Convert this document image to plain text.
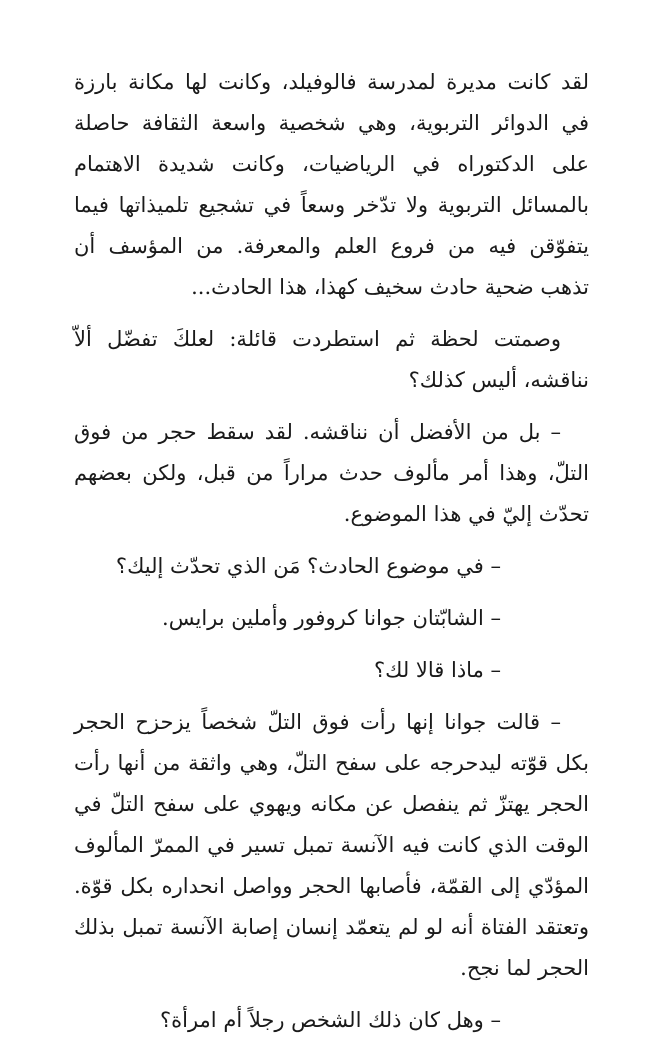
لقد كانت مديرة لمدرسة فالوفيلد، وكانت لها مكانة بارزة في الدوائر التربوية، وهي شخصية واسعة الثقافة حاصلة على الدكتوراه في الرياضيات، وكانت شديدة الاهتمام بالمسائل التربوية ولا تدّخر وسعاً في تشجيع تلميذاتها فيما يتفوّقن فيه من فروع العلم والمعرفة. من المؤسف أن تذهب ضحية حادث سخيف كهذا، هذا الحادث...

وصمتت لحظة ثم استطردت قائلة: لعلكَ تفضّل ألاّ نناقشه، أليس كذلك؟

– بل من الأفضل أن نناقشه. لقد سقط حجر من فوق التلّ، وهذا أمر مألوف حدث مراراً من قبل، ولكن بعضهم تحدّث إليّ في هذا الموضوع.

– في موضوع الحادث؟ مَن الذي تحدّث إليك؟

– الشابّتان جوانا كروفور وأملين برايس.

– ماذا قالا لك؟

– قالت جوانا إنها رأت فوق التلّ شخصاً يزحزح الحجر بكل قوّته ليدحرجه على سفح التلّ، وهي واثقة من أنها رأت الحجر يهتزّ ثم ينفصل عن مكانه ويهوي على سفح التلّ في الوقت الذي كانت فيه الآنسة تمبل تسير في الممرّ المألوف المؤدّي إلى القمّة، فأصابها الحجر وواصل انحداره بكل قوّة. وتعتقد الفتاة أنه لو لم يتعمّد إنسان إصابة الآنسة تمبل بذلك الحجر لما نجح.

– وهل كان ذلك الشخص رجلاً أم امرأة؟
